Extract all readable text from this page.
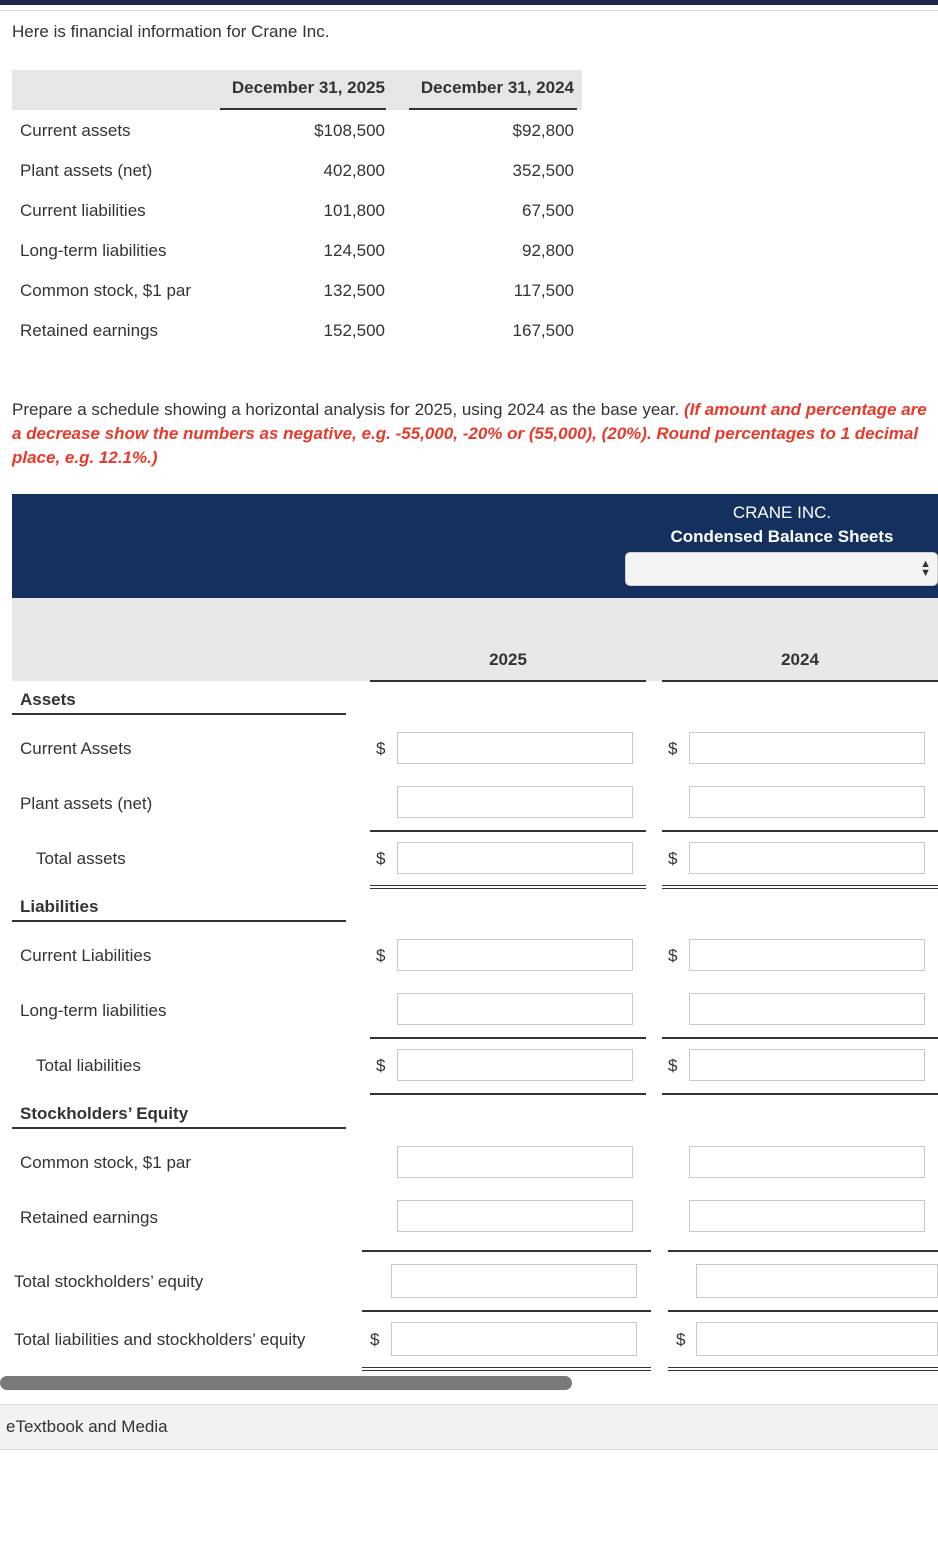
Here is financial information for Crane Inc.
December 31, 2025	December 31, 2024
Current assets	$108,500	$92,800
Plant assets (net)	402,800	352,500
Current liabilities	101,800	67,500
Long-term liabilities	124,500	92,800
Common stock, $1 par	132,500	117,500
Retained earnings	152,500	167,500
Prepare a schedule showing a horizontal analysis for 2025, using 2024 as the base year. (If amount and percentage are a decrease show the numbers as negative, e.g. -55,000, -20% or (55,000), (20%). Round percentages to 1 decimal place, e.g. 12.1%.)
CRANE INC.
Condensed Balance Sheets
▲
▼
2025	2024
Assets
Current Assets	$	$
Plant assets (net)
Total assets	$	$
Liabilities
Current Liabilities	$	$
Long-term liabilities
Total liabilities	$	$
Stockholders’ Equity
Common stock, $1 par
Retained earnings
Total stockholders’ equity
Total liabilities and stockholders’ equity	$	$
eTextbook and Media
